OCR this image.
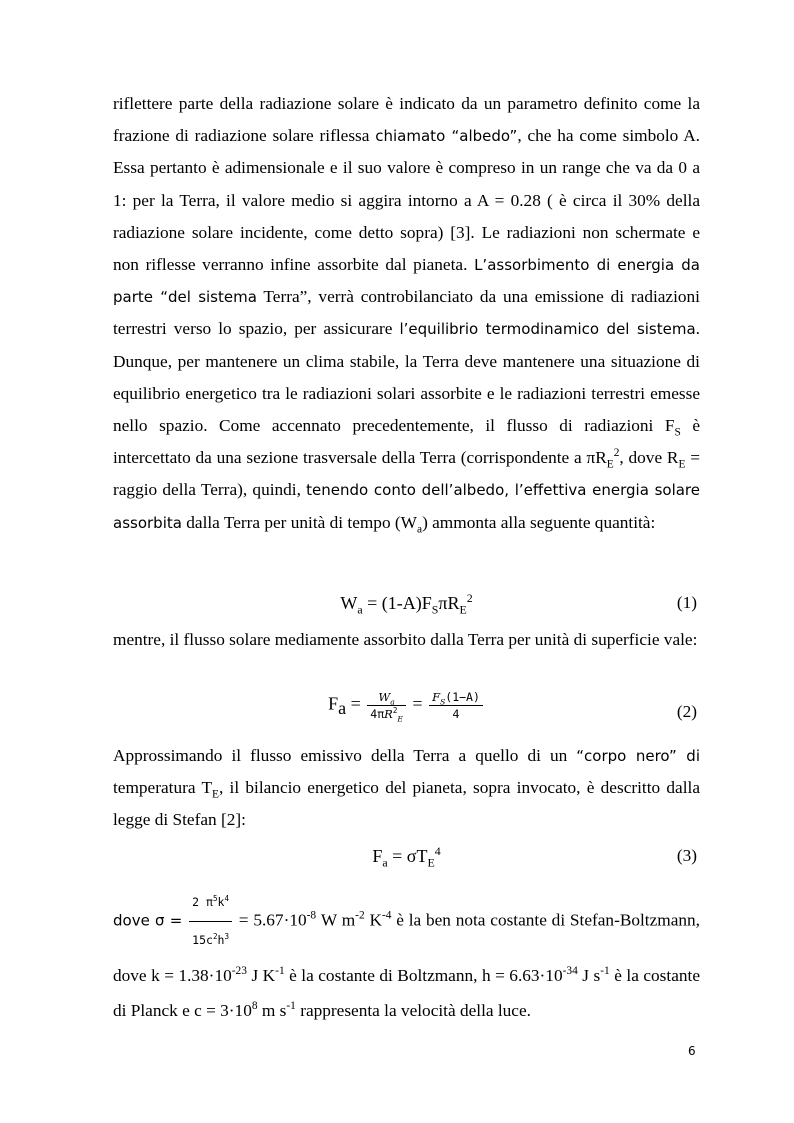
riflettere parte della radiazione solare è indicato da un parametro definito come la frazione di radiazione solare riflessa chiamato “albedo”, che ha come simbolo A. Essa pertanto è adimensionale e il suo valore è compreso in un range che va da 0 a 1: per la Terra, il valore medio si aggira intorno a A = 0.28 ( è circa il 30% della radiazione solare incidente, come detto sopra) [3]. Le radiazioni non schermate e non riflesse verranno infine assorbite dal pianeta. L’assorbimento di energia da parte “del sistema Terra”, verrà controbilanciato da una emissione di radiazioni terrestri verso lo spazio, per assicurare l’equilibrio termodinamico del sistema. Dunque, per mantenere un clima stabile, la Terra deve mantenere una situazione di equilibrio energetico tra le radiazioni solari assorbite e le radiazioni terrestri emesse nello spazio. Come accennato precedentemente, il flusso di radiazioni $F_S$ è intercettato da una sezione trasversale della Terra (corrispondente a $\pi R_E^2$, dove $R_E$ = raggio della Terra), quindi, tenendo conto dell’albedo, l’effettiva energia solare assorbita dalla Terra per unità di tempo $(W_a)$ ammonta alla seguente quantità:

$W_a = (1-A)F_S\pi R_E^2$	(1)

mentre, il flusso solare mediamente assorbito dalla Terra per unità di superficie vale:

$F_a = \frac{W_a}{4\pi R^2_E} = \frac{F_S(1-A)}{4}$	(2)

Approssimando il flusso emissivo della Terra a quello di un “corpo nero” di temperatura $T_E$, il bilancio energetico del pianeta, sopra invocato, è descritto dalla legge di Stefan [2]:

$F_a = \sigma T_E^4$	(3)

dove $\sigma = \frac{2 \pi^5k^4}{15c^2h^3} = 5.67\cdot 10^{-8}$ W $m^{-2}$ $K^{-4}$ è la ben nota costante di Stefan-Boltzmann, dove $k = 1.38\cdot 10^{-23}$ J $K^{-1}$ è la costante di Boltzmann, $h = 6.63\cdot 10^{-34}$ J $s^{-1}$ è la costante di Planck e $c = 3\cdot 10^8$ m $s^{-1}$ rappresenta la velocità della luce.

6
